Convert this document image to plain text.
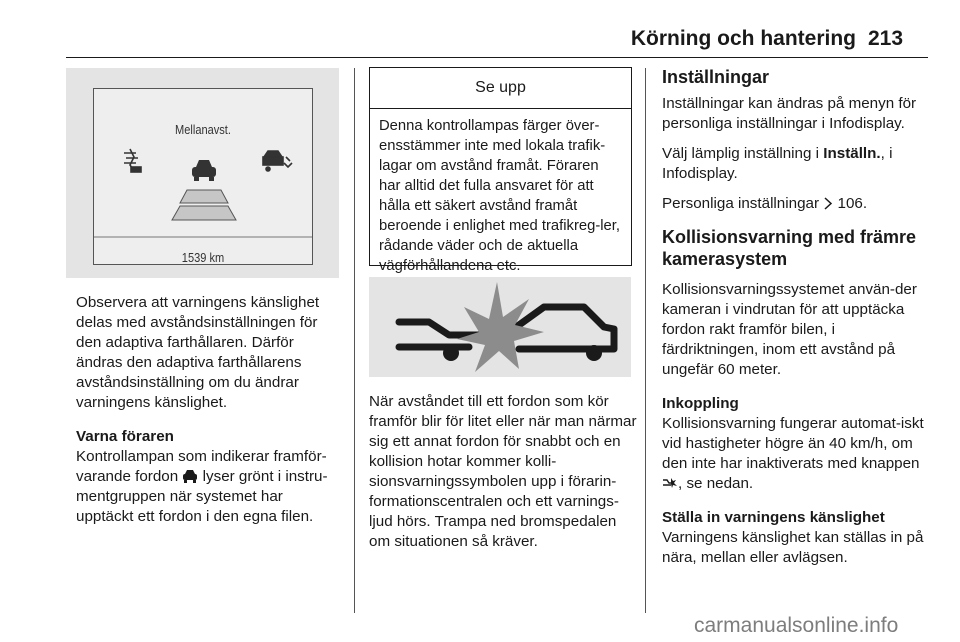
Körning och hantering 213
Mellanavst.
1539 km

Observera att varningens känslighet delas med avståndsinställningen för den adaptiva farthållaren. Därför ändras den adaptiva farthållarens avståndsinställning om du ändrar varningens känslighet.

Varna föraren

Kontrollampan som indikerar framför-varande fordon lyser grönt i instru-mentgruppen när systemet har upptäckt ett fordon i den egna filen.

Se upp
Denna kontrollampas färger över-ensstämmer inte med lokala trafik-lagar om avstånd framåt. Föraren har alltid det fulla ansvaret för att hålla ett säkert avstånd framåt beroende i enlighet med trafikreg-ler, rådande väder och de aktuella vägförhållandena etc.

När avståndet till ett fordon som kör framför blir för litet eller när man närmar sig ett annat fordon för snabbt och en kollision hotar kommer kolli-sionsvarningssymbolen upp i förarin-formationscentralen och ett varnings-ljud hörs. Trampa ned bromspedalen om situationen så kräver.

Inställningar

Inställningar kan ändras på menyn för personliga inställningar i Infodisplay.

Välj lämplig inställning i Inställn., i Infodisplay.

Personliga inställningar 106.

Kollisionsvarning med främre kamerasystem

Kollisionsvarningssystemet använ-der kameran i vindrutan för att upptäcka fordon rakt framför bilen, i färdriktningen, inom ett avstånd på ungefär 60 meter.

Inkoppling

Kollisionsvarning fungerar automat-iskt vid hastigheter högre än 40 km/h, om den inte har inaktiverats med knappen , se nedan.

Ställa in varningens känslighet

Varningens känslighet kan ställas in på nära, mellan eller avlägsen.

carmanualsonline.info
